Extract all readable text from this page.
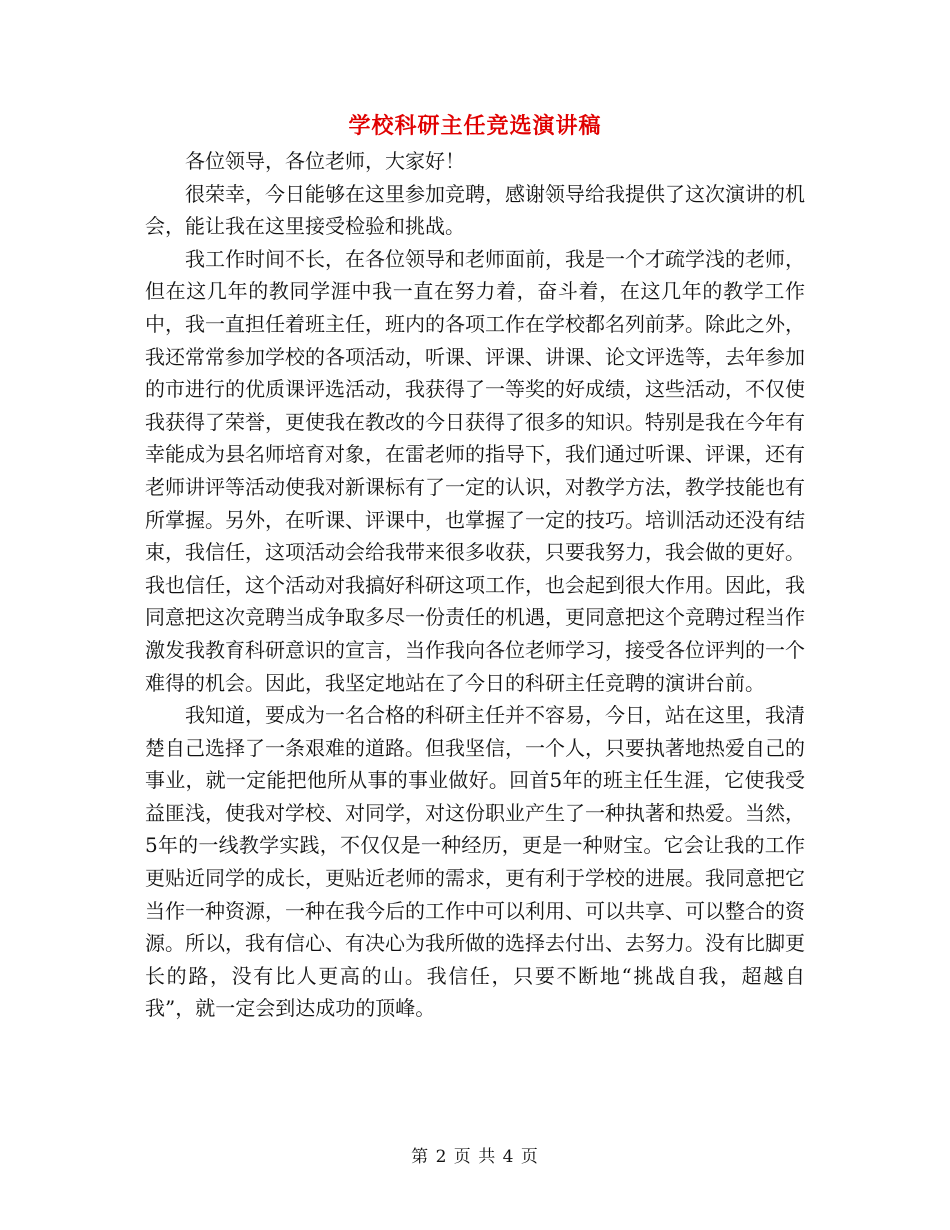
学校科研主任竞选演讲稿

各位领导，各位老师，大家好！

很荣幸，今日能够在这里参加竞聘，感谢领导给我提供了这次演讲的机会，能让我在这里接受检验和挑战。

我工作时间不长，在各位领导和老师面前，我是一个才疏学浅的老师，但在这几年的教同学涯中我一直在努力着，奋斗着，在这几年的教学工作中，我一直担任着班主任，班内的各项工作在学校都名列前茅。除此之外，我还常常参加学校的各项活动，听课、评课、讲课、论文评选等，去年参加的市进行的优质课评选活动，我获得了一等奖的好成绩，这些活动，不仅使我获得了荣誉，更使我在教改的今日获得了很多的知识。特别是我在今年有幸能成为县名师培育对象，在雷老师的指导下，我们通过听课、评课，还有老师讲评等活动使我对新课标有了一定的认识，对教学方法，教学技能也有所掌握。另外，在听课、评课中，也掌握了一定的技巧。培训活动还没有结束，我信任，这项活动会给我带来很多收获，只要我努力，我会做的更好。我也信任，这个活动对我搞好科研这项工作，也会起到很大作用。因此，我同意把这次竞聘当成争取多尽一份责任的机遇，更同意把这个竞聘过程当作激发我教育科研意识的宣言，当作我向各位老师学习，接受各位评判的一个难得的机会。因此，我坚定地站在了今日的科研主任竞聘的演讲台前。

我知道，要成为一名合格的科研主任并不容易，今日，站在这里，我清楚自己选择了一条艰难的道路。但我坚信，一个人，只要执著地热爱自己的事业，就一定能把他所从事的事业做好。回首5年的班主任生涯，它使我受益匪浅，使我对学校、对同学，对这份职业产生了一种执著和热爱。当然，5年的一线教学实践，不仅仅是一种经历，更是一种财宝。它会让我的工作更贴近同学的成长，更贴近老师的需求，更有利于学校的进展。我同意把它当作一种资源，一种在我今后的工作中可以利用、可以共享、可以整合的资源。所以，我有信心、有决心为我所做的选择去付出、去努力。没有比脚更长的路，没有比人更高的山。我信任，只要不断地“挑战自我，超越自我”，就一定会到达成功的顶峰。

第 2 页 共 4 页
